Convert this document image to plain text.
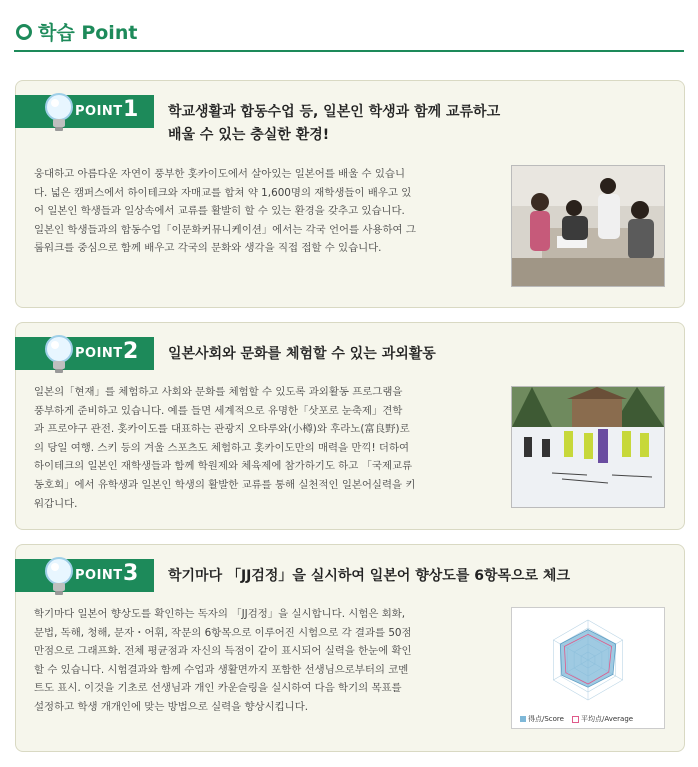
학습 Point
POINT 1 학교생활과 합동수업 등, 일본인 학생과 함께 교류하고
배울 수 있는 충실한 환경!
웅대하고 아름다운 자연이 풍부한 홋카이도에서 살아있는 일본어를 배울 수 있습니
다. 넓은 캠퍼스에서 하이테크와 자매교를 합쳐 약 1,600명의 재학생들이 배우고 있
어 일본인 학생들과 일상속에서 교류를 활발히 할 수 있는 환경을 갖추고 있습니다.
일본인 학생들과의 합동수업「이문화커뮤니케이션」에서는 각국 언어를 사용하여 그
룹워크를 중심으로 함께 배우고 각국의 문화와 생각을 직접 접할 수 있습니다.
POINT 2 일본사회와 문화를 체험할 수 있는 과외활동
일본의「현재」를 체험하고 사회와 문화를 체험할 수 있도록 과외활동 프로그램을
풍부하게 준비하고 있습니다. 예를 들면 세계적으로 유명한「삿포로 눈축제」견학
과 프로야구 관전. 홋카이도를 대표하는 관광지 오타루와(小樽)와 후라노(富良野)로
의 당일 여행. 스키 등의 겨울 스포츠도 체험하고 홋카이도만의 매력을 만끽! 더하여
하이테크의 일본인 재학생들과 함께 학원제와 체육제에 참가하기도 하고 「국제교류
동호회」에서 유학생과 일본인 학생의 활발한 교류를 통해 실천적인 일본어실력을 키
워갑니다.
POINT 3 학기마다 「JJ검정」을 실시하여 일본어 향상도를 6항목으로 체크
학기마다 일본어 향상도를 확인하는 독자의 「JJ검정」을 실시합니다. 시험은 회화,
문법, 독해, 청해, 문자・어휘, 작문의 6항목으로 이루어진 시험으로 각 결과를 50점
만점으로 그래프화. 전체 평균점과 자신의 득점이 같이 표시되어 실력을 한눈에 확인
할 수 있습니다. 시험결과와 함께 수업과 생활면까지 포함한 선생님으로부터의 코멘
트도 표시. 이것을 기초로 선생님과 개인 카운슬링을 실시하여 다음 학기의 목표를
설정하고 학생 개개인에 맞는 방법으로 실력을 향상시킵니다.
得点/Score	平均点/Average
